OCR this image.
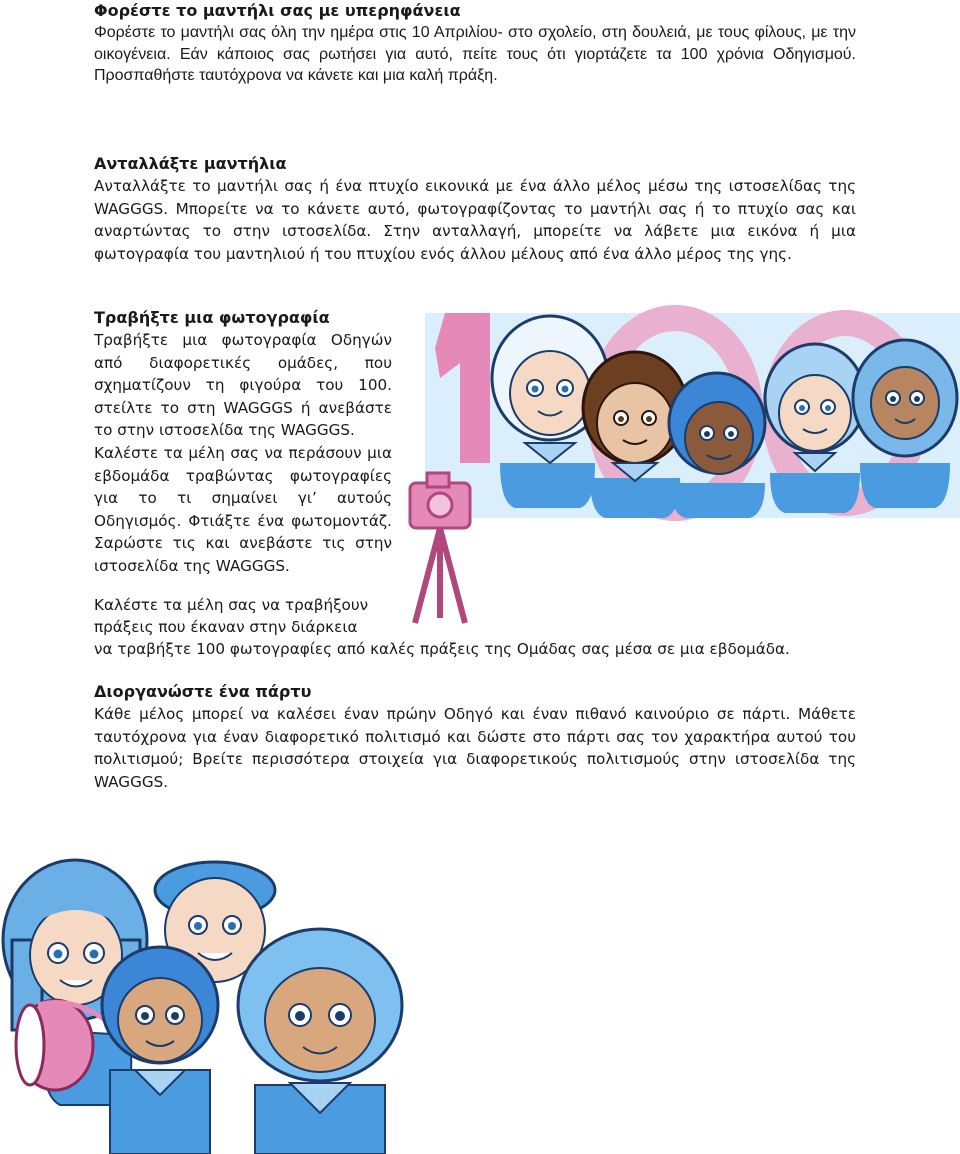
Φορέστε το μαντήλι σας με υπερηφάνεια
Φορέστε το μαντήλι σας όλη την ημέρα στις 10 Απριλίου- στο σχολείο, στη δουλειά, με τους φίλους, με την οικογένεια. Εάν κάποιος σας ρωτήσει για αυτό, πείτε τους ότι γιορτάζετε τα 100 χρόνια Οδηγισμού. Προσπαθήστε ταυτόχρονα να κάνετε και μια καλή πράξη.
Ανταλλάξτε μαντήλια
Ανταλλάξτε το μαντήλι σας ή ένα πτυχίο εικονικά με ένα άλλο μέλος μέσω της ιστοσελίδας της WAGGGS. Μπορείτε να το κάνετε αυτό, φωτογραφίζοντας το μαντήλι σας ή το πτυχίο σας και αναρτώντας το στην ιστοσελίδα. Στην ανταλλαγή, μπορείτε να λάβετε μια εικόνα ή μια φωτογραφία του μαντηλιού ή του πτυχίου ενός άλλου μέλους από ένα άλλο μέρος της γης.
Τραβήξτε μια φωτογραφία
Τραβήξτε μια φωτογραφία Οδηγών από διαφορετικές ομάδες, που σχηματίζουν τη φιγούρα του 100. στείλτε το στη WAGGGS ή ανεβάστε το στην ιστοσελίδα της WAGGGS.
Καλέστε τα μέλη σας να περάσουν μια εβδομάδα τραβώντας φωτογραφίες για το τι σημαίνει γι’ αυτούς Οδηγισμός. Φτιάξτε ένα φωτομοντάζ. Σαρώστε τις και ανεβάστε τις στην ιστοσελίδα της WAGGGS.
Καλέστε τα μέλη σας να τραβήξουν
πράξεις που έκαναν στην διάρκεια
να τραβήξτε 100 φωτογραφίες από καλές πράξεις της Ομάδας σας μέσα σε μια εβδομάδα.
Διοργανώστε ένα πάρτυ
Κάθε μέλος μπορεί να καλέσει έναν πρώην Οδηγό και έναν πιθανό καινούριο σε πάρτι. Μάθετε ταυτόχρονα για έναν διαφορετικό πολιτισμό και δώστε στο πάρτι σας τον χαρακτήρα αυτού του πολιτισμού; Βρείτε περισσότερα στοιχεία για διαφορετικούς πολιτισμούς στην ιστοσελίδα της WAGGGS.
